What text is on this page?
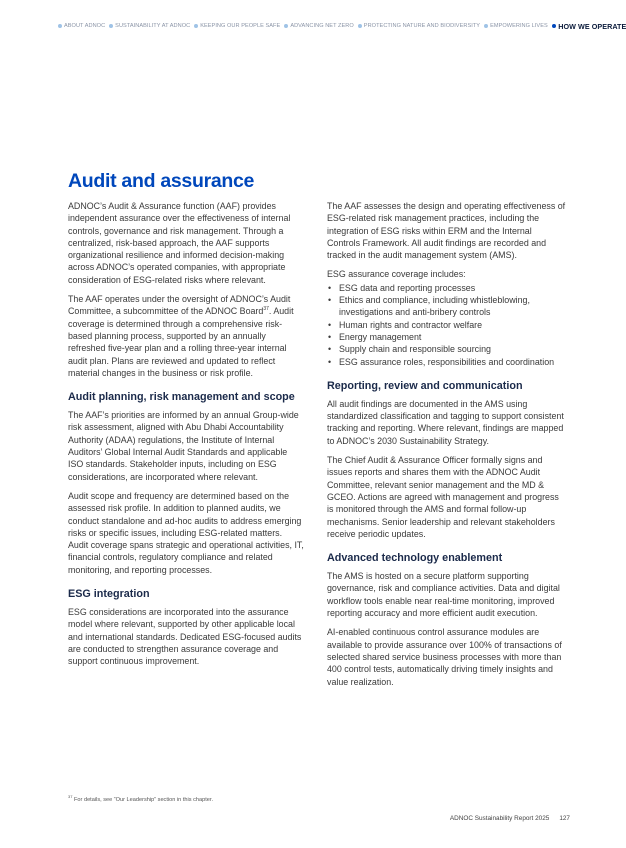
ABOUT ADNOC SUSTAINABILITY AT ADNOC KEEPING OUR PEOPLE SAFE ADVANCING NET ZERO PROTECTING NATURE AND BIODIVERSITY EMPOWERING LIVES HOW WE OPERATE
Audit and assurance

ADNOC’s Audit & Assurance function (AAF) provides independent assurance over the effectiveness of internal controls, governance and risk management. Through a centralized, risk-based approach, the AAF supports organizational resilience and informed decision-making across ADNOC’s operated companies, with appropriate consideration of ESG-related risks where relevant.

The AAF operates under the oversight of ADNOC’s Audit Committee, a subcommittee of the ADNOC Board$^{37}$. Audit coverage is determined through a comprehensive risk-based planning process, supported by an annually refreshed five-year plan and a rolling three-year internal audit plan. Plans are reviewed and updated to reflect material changes in the business or risk profile.

Audit planning, risk management and scope

The AAF’s priorities are informed by an annual Group-wide risk assessment, aligned with Abu Dhabi Accountability Authority (ADAA) regulations, the Institute of Internal Auditors’ Global Internal Audit Standards and applicable ISO standards. Stakeholder inputs, including on ESG considerations, are incorporated where relevant.

Audit scope and frequency are determined based on the assessed risk profile. In addition to planned audits, we conduct standalone and ad-hoc audits to address emerging risks or specific issues, including ESG-related matters. Audit coverage spans strategic and operational activities, IT, financial controls, regulatory compliance and related monitoring, and reporting processes.

ESG integration

ESG considerations are incorporated into the assurance model where relevant, supported by other applicable local and international standards. Dedicated ESG-focused audits are conducted to strengthen assurance coverage and support continuous improvement.

The AAF assesses the design and operating effectiveness of ESG-related risk management practices, including the integration of ESG risks within ERM and the Internal Controls Framework. All audit findings are recorded and tracked in the audit management system (AMS).

ESG assurance coverage includes:

• ESG data and reporting processes
• Ethics and compliance, including whistleblowing, investigations and anti-bribery controls
• Human rights and contractor welfare
• Energy management
• Supply chain and responsible sourcing
• ESG assurance roles, responsibilities and coordination
Reporting, review and communication

All audit findings are documented in the AMS using standardized classification and tagging to support consistent tracking and reporting. Where relevant, findings are mapped to ADNOC’s 2030 Sustainability Strategy.

The Chief Audit & Assurance Officer formally signs and issues reports and shares them with the ADNOC Audit Committee, relevant senior management and the MD & GCEO. Actions are agreed with management and progress is monitored through the AMS and formal follow-up mechanisms. Senior leadership and relevant stakeholders receive periodic updates.

Advanced technology enablement

The AMS is hosted on a secure platform supporting governance, risk and compliance activities. Data and digital workflow tools enable near real-time monitoring, improved reporting accuracy and more efficient audit execution.

AI-enabled continuous control assurance modules are available to provide assurance over 100% of transactions of selected shared service business processes with more than 400 control tests, automatically driving timely insights and value realization.

$^{37}$ For details, see “Our Leadership” section in this chapter.
ADNOC Sustainability Report 2025 127
